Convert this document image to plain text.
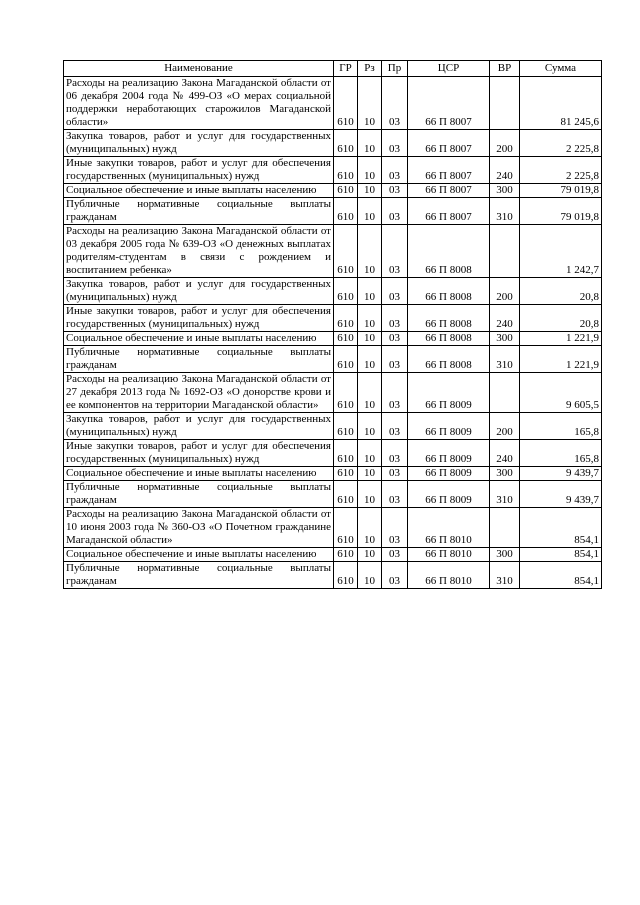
Наименование	ГР	Рз	Пр	ЦСР	ВР	Сумма
Расходы на реализацию Закона Магаданской области от 06 декабря 2004 года № 499-ОЗ «О мерах социальной поддержки неработающих старожилов Магаданской области»	610	10	03	66 П 8007		81 245,6
Закупка товаров, работ и услуг для государственных (муниципальных) нужд	610	10	03	66 П 8007	200	2 225,8
Иные закупки товаров, работ и услуг для обеспечения государственных (муниципальных) нужд	610	10	03	66 П 8007	240	2 225,8
Социальное обеспечение и иные выплаты населению	610	10	03	66 П 8007	300	79 019,8
Публичные нормативные социальные выплаты гражданам	610	10	03	66 П 8007	310	79 019,8
Расходы на реализацию Закона Магаданской области от 03 декабря 2005 года № 639-ОЗ «О денежных выплатах родителям-студентам в связи с рождением и воспитанием ребенка»	610	10	03	66 П 8008		1 242,7
Закупка товаров, работ и услуг для государственных (муниципальных) нужд	610	10	03	66 П 8008	200	20,8
Иные закупки товаров, работ и услуг для обеспечения государственных (муниципальных) нужд	610	10	03	66 П 8008	240	20,8
Социальное обеспечение и иные выплаты населению	610	10	03	66 П 8008	300	1 221,9
Публичные нормативные социальные выплаты гражданам	610	10	03	66 П 8008	310	1 221,9
Расходы на реализацию Закона Магаданской области от 27 декабря 2013 года № 1692-ОЗ «О донорстве крови и ее компонентов на территории Магаданской области»	610	10	03	66 П 8009		9 605,5
Закупка товаров, работ и услуг для государственных (муниципальных) нужд	610	10	03	66 П 8009	200	165,8
Иные закупки товаров, работ и услуг для обеспечения государственных (муниципальных) нужд	610	10	03	66 П 8009	240	165,8
Социальное обеспечение и иные выплаты населению	610	10	03	66 П 8009	300	9 439,7
Публичные нормативные социальные выплаты гражданам	610	10	03	66 П 8009	310	9 439,7
Расходы на реализацию Закона Магаданской области от 10 июня 2003 года № 360-ОЗ «О Почетном гражданине Магаданской области»	610	10	03	66 П 8010		854,1
Социальное обеспечение и иные выплаты населению	610	10	03	66 П 8010	300	854,1
Публичные нормативные социальные выплаты гражданам	610	10	03	66 П 8010	310	854,1
